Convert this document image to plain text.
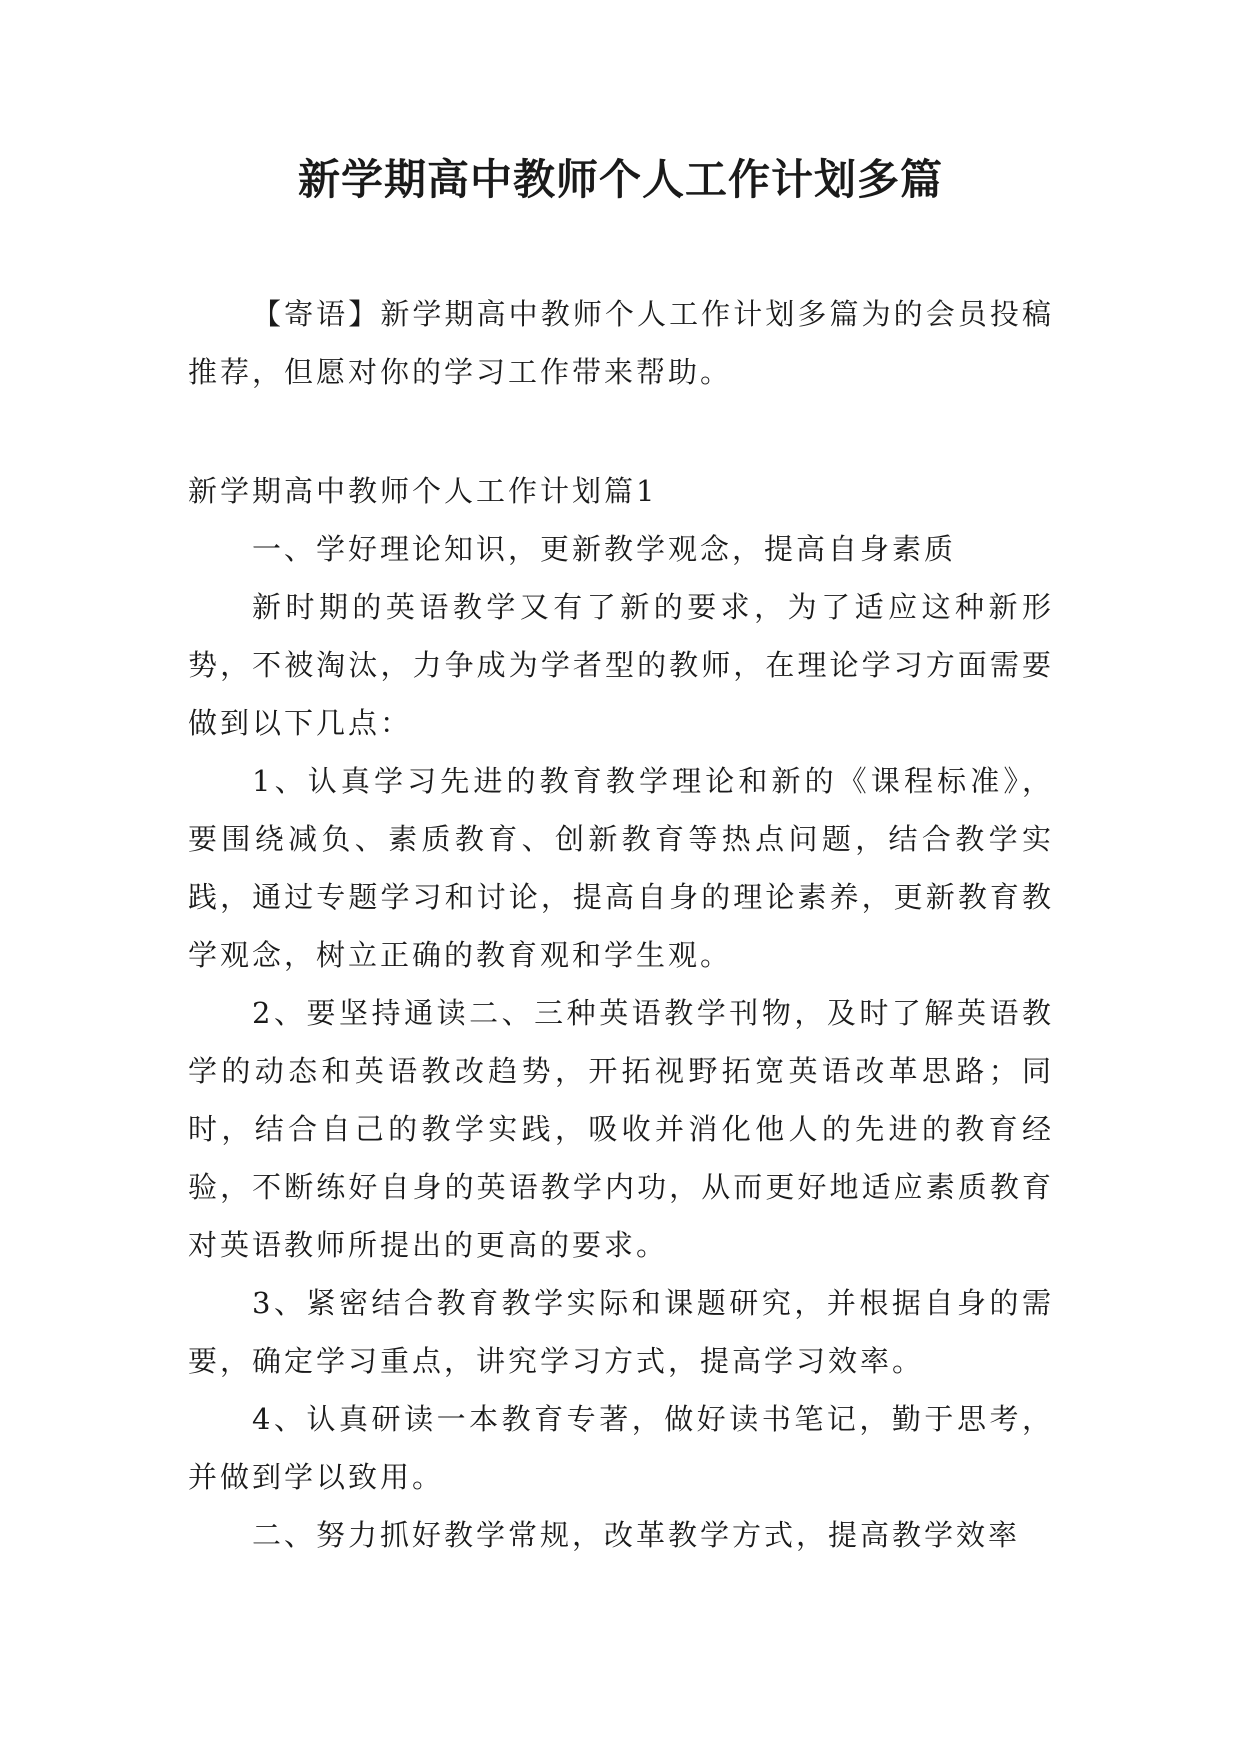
新学期高中教师个人工作计划多篇

【寄语】新学期高中教师个人工作计划多篇为的会员投稿推荐，但愿对你的学习工作带来帮助。

新学期高中教师个人工作计划篇1

一、学好理论知识，更新教学观念，提高自身素质

新时期的英语教学又有了新的要求，为了适应这种新形势，不被淘汰，力争成为学者型的教师，在理论学习方面需要做到以下几点：

1、认真学习先进的教育教学理论和新的《课程标准》，要围绕减负、素质教育、创新教育等热点问题，结合教学实践，通过专题学习和讨论，提高自身的理论素养，更新教育教学观念，树立正确的教育观和学生观。

2、要坚持通读二、三种英语教学刊物，及时了解英语教学的动态和英语教改趋势，开拓视野拓宽英语改革思路；同时，结合自己的教学实践，吸收并消化他人的先进的教育经验，不断练好自身的英语教学内功，从而更好地适应素质教育对英语教师所提出的更高的要求。

3、紧密结合教育教学实际和课题研究，并根据自身的需要，确定学习重点，讲究学习方式，提高学习效率。

4、认真研读一本教育专著，做好读书笔记，勤于思考，并做到学以致用。

二、努力抓好教学常规，改革教学方式，提高教学效率
